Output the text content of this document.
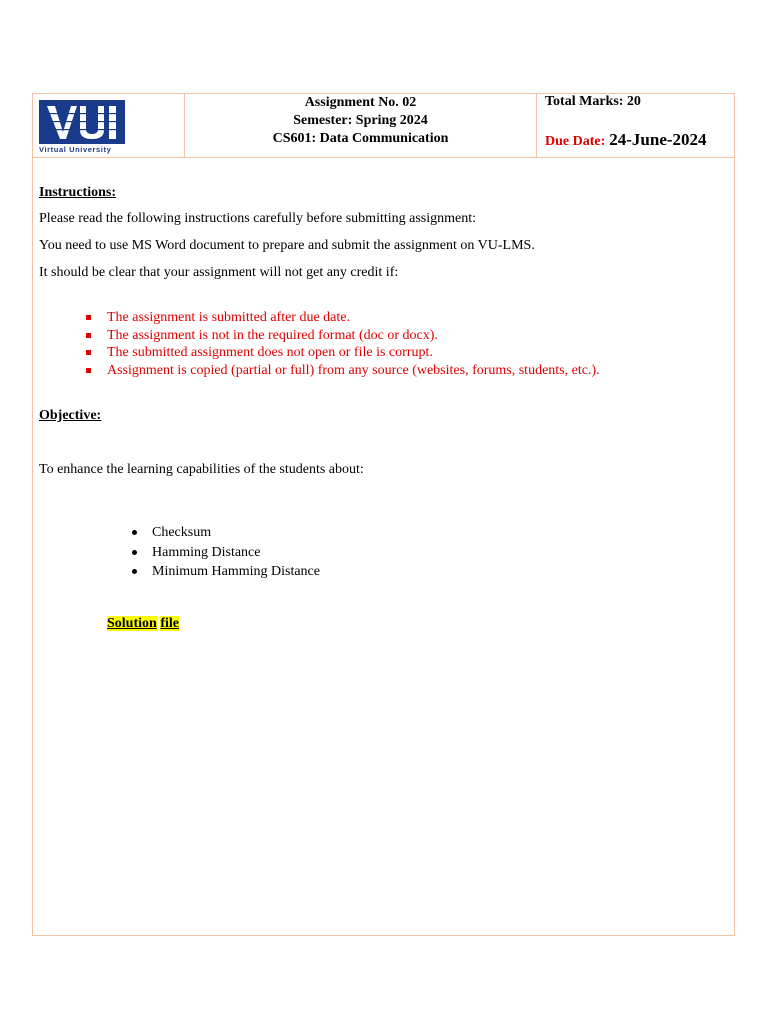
Virtual University
Assignment No. 02
Semester: Spring 2024
CS601: Data Communication
Total Marks: 20
Due Date: 24-June-2024
Instructions:
Please read the following instructions carefully before submitting assignment:
You need to use MS Word document to prepare and submit the assignment on VU-LMS.
It should be clear that your assignment will not get any credit if:
Objective:
To enhance the learning capabilities of the students about:
The assignment is submitted after due date.
The assignment is not in the required format (doc or docx).
The submitted assignment does not open or file is corrupt.
Assignment is copied (partial or full) from any source (websites, forums, students, etc.).
Checksum
Hamming Distance
Minimum Hamming Distance
Solution file
